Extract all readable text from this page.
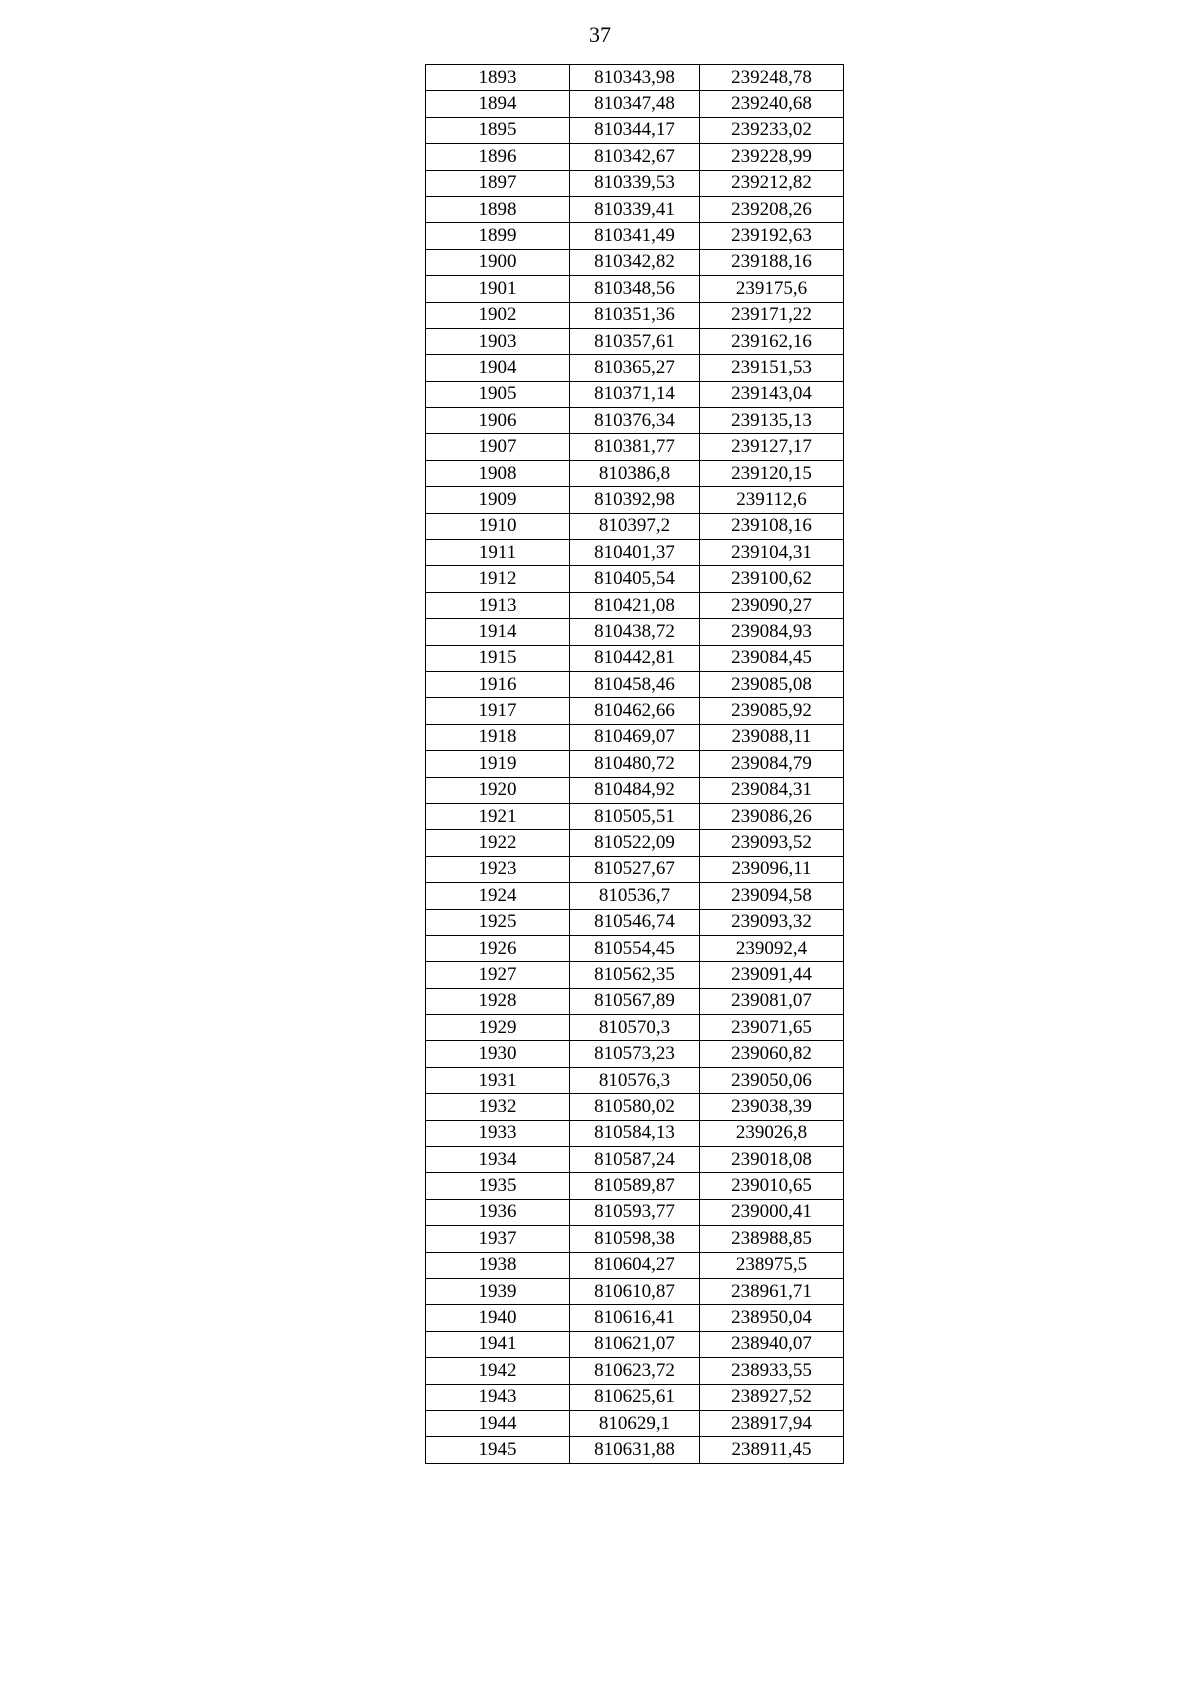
37
1893	810343,98	239248,78
1894	810347,48	239240,68
1895	810344,17	239233,02
1896	810342,67	239228,99
1897	810339,53	239212,82
1898	810339,41	239208,26
1899	810341,49	239192,63
1900	810342,82	239188,16
1901	810348,56	239175,6
1902	810351,36	239171,22
1903	810357,61	239162,16
1904	810365,27	239151,53
1905	810371,14	239143,04
1906	810376,34	239135,13
1907	810381,77	239127,17
1908	810386,8	239120,15
1909	810392,98	239112,6
1910	810397,2	239108,16
1911	810401,37	239104,31
1912	810405,54	239100,62
1913	810421,08	239090,27
1914	810438,72	239084,93
1915	810442,81	239084,45
1916	810458,46	239085,08
1917	810462,66	239085,92
1918	810469,07	239088,11
1919	810480,72	239084,79
1920	810484,92	239084,31
1921	810505,51	239086,26
1922	810522,09	239093,52
1923	810527,67	239096,11
1924	810536,7	239094,58
1925	810546,74	239093,32
1926	810554,45	239092,4
1927	810562,35	239091,44
1928	810567,89	239081,07
1929	810570,3	239071,65
1930	810573,23	239060,82
1931	810576,3	239050,06
1932	810580,02	239038,39
1933	810584,13	239026,8
1934	810587,24	239018,08
1935	810589,87	239010,65
1936	810593,77	239000,41
1937	810598,38	238988,85
1938	810604,27	238975,5
1939	810610,87	238961,71
1940	810616,41	238950,04
1941	810621,07	238940,07
1942	810623,72	238933,55
1943	810625,61	238927,52
1944	810629,1	238917,94
1945	810631,88	238911,45
